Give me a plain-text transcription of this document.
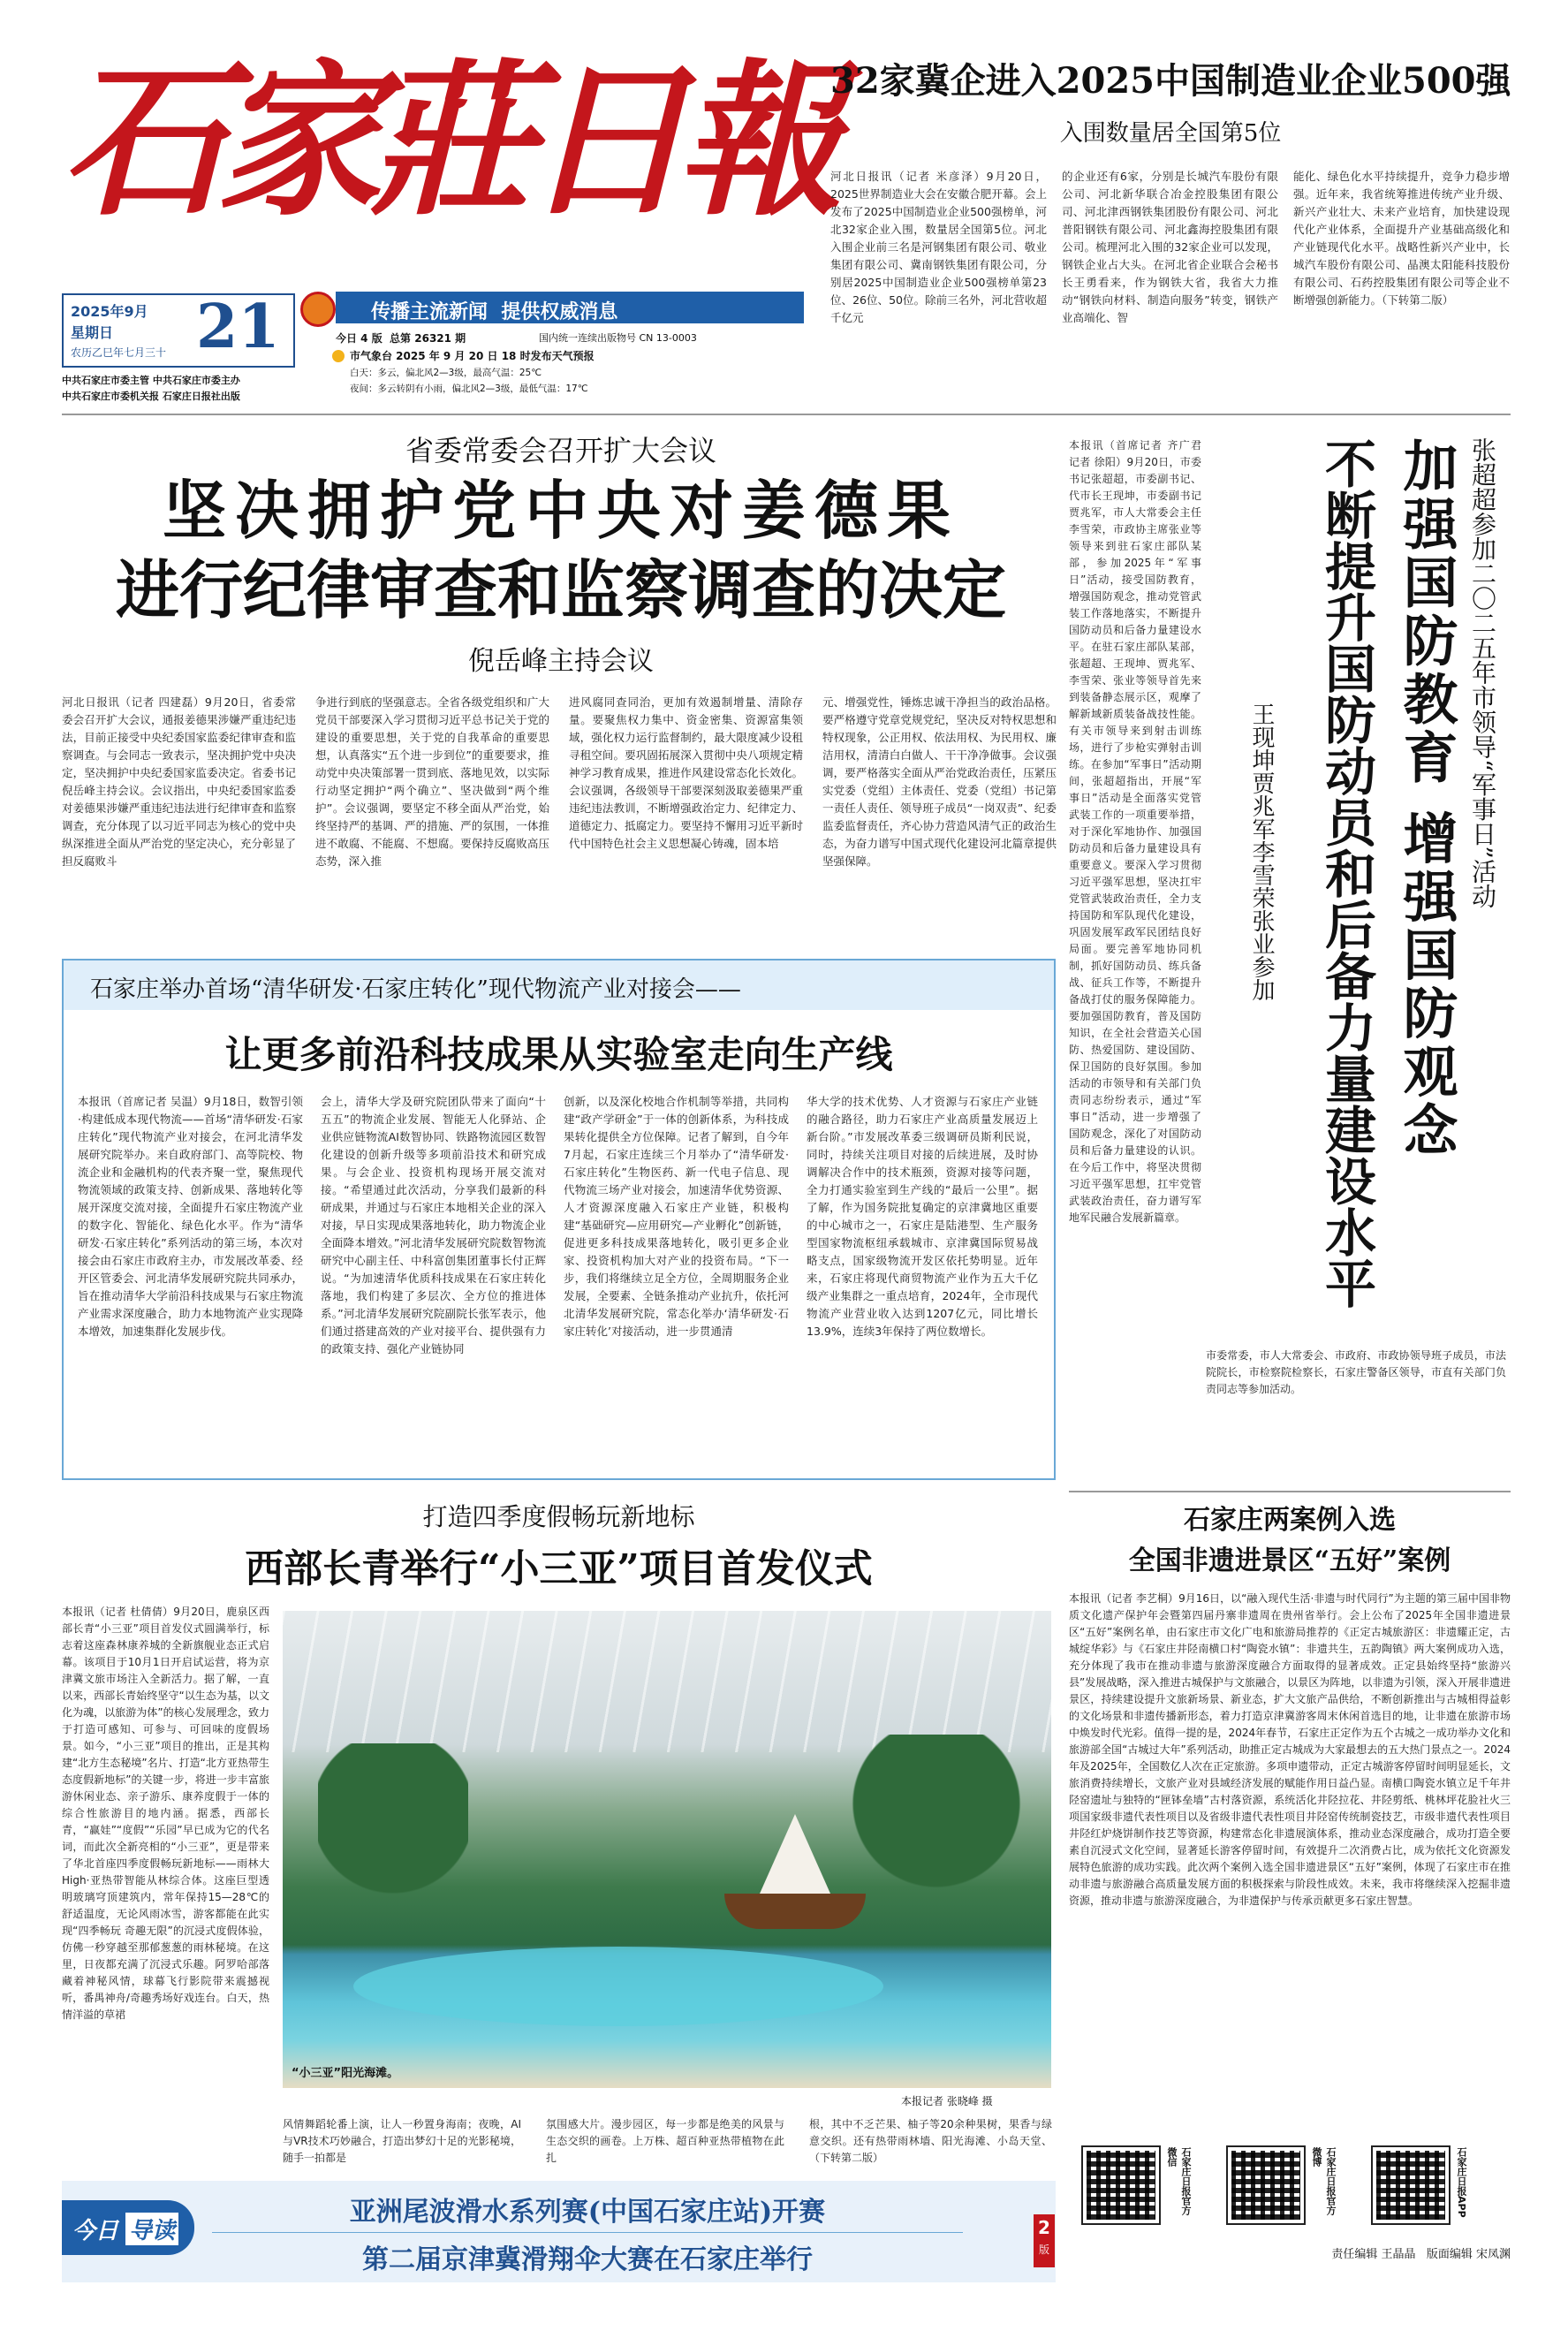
石家莊日報
2025年9月
星期日
农历乙巳年七月三十 21	传播主流新闻  提供权威消息
今日 4 版  总第 26321 期	国内统一连续出版物号 CN 13-0003
市气象台 2025 年 9 月 20 日 18 时发布天气预报
白天：多云，偏北风2—3级，最高气温：25℃
夜间：多云转阴有小雨，偏北风2—3级，最低气温：17℃
中共石家庄市委主管 中共石家庄市委主办
中共石家庄市委机关报 石家庄日报社出版
32家冀企进入2025中国制造业企业500强
入围数量居全国第5位

河北日报讯（记者 米彦泽）9月20日，2025世界制造业大会在安徽合肥开幕。会上发布了2025中国制造业企业500强榜单，河北32家企业入围，数量居全国第5位。河北入围企业前三名是河钢集团有限公司、敬业集团有限公司、冀南钢铁集团有限公司，分别居2025中国制造业企业500强榜单第23位、26位、50位。除前三名外，河北营收超千亿元

的企业还有6家，分别是长城汽车股份有限公司、河北新华联合冶金控股集团有限公司、河北津西钢铁集团股份有限公司、河北普阳钢铁有限公司、河北鑫海控股集团有限公司。梳理河北入围的32家企业可以发现，钢铁企业占大头。在河北省企业联合会秘书长王勇看来，作为钢铁大省，我省大力推动“钢铁向材料、制造向服务”转变，钢铁产业高端化、智

能化、绿色化水平持续提升，竞争力稳步增强。近年来，我省统筹推进传统产业升级、新兴产业壮大、未来产业培育，加快建设现代化产业体系，全面提升产业基础高级化和产业链现代化水平。战略性新兴产业中，长城汽车股份有限公司、晶澳太阳能科技股份有限公司、石药控股集团有限公司等企业不断增强创新能力。（下转第二版）

省委常委会召开扩大会议
坚决拥护党中央对姜德果
进行纪律审查和监察调查的决定
倪岳峰主持会议

河北日报讯（记者 四建磊）9月20日，省委常委会召开扩大会议，通报姜德果涉嫌严重违纪违法，目前正接受中央纪委国家监委纪律审查和监察调查。与会同志一致表示，坚决拥护党中央决定，坚决拥护中央纪委国家监委决定。省委书记倪岳峰主持会议。会议指出，中央纪委国家监委对姜德果涉嫌严重违纪违法进行纪律审查和监察调查，充分体现了以习近平同志为核心的党中央纵深推进全面从严治党的坚定决心，充分彰显了担反腐败斗

争进行到底的坚强意志。全省各级党组织和广大党员干部要深入学习贯彻习近平总书记关于党的建设的重要思想，关于党的自我革命的重要思想，认真落实“五个进一步到位”的重要要求，推动党中央决策部署一贯到底、落地见效，以实际行动坚定拥护“两个确立”、坚决做到“两个维护”。会议强调，要坚定不移全面从严治党，始终坚持严的基调、严的措施、严的氛围，一体推进不敢腐、不能腐、不想腐。要保持反腐败高压态势，深入推

进风腐同查同治，更加有效遏制增量、清除存量。要聚焦权力集中、资金密集、资源富集领域，强化权力运行监督制约，最大限度减少设租寻租空间。要巩固拓展深入贯彻中央八项规定精神学习教育成果，推进作风建设常态化长效化。会议强调，各级领导干部要深刻汲取姜德果严重违纪违法教训，不断增强政治定力、纪律定力、道德定力、抵腐定力。要坚持不懈用习近平新时代中国特色社会主义思想凝心铸魂，固本培

元、增强党性，锤炼忠诚干净担当的政治品格。要严格遵守党章党规党纪，坚决反对特权思想和特权现象，公正用权、依法用权、为民用权、廉洁用权，清清白白做人、干干净净做事。会议强调，要严格落实全面从严治党政治责任，压紧压实党委（党组）主体责任、党委（党组）书记第一责任人责任、领导班子成员“一岗双责”、纪委监委监督责任，齐心协力营造风清气正的政治生态，为奋力谱写中国式现代化建设河北篇章提供坚强保障。

石家庄举办首场“清华研发·石家庄转化”现代物流产业对接会——
让更多前沿科技成果从实验室走向生产线

本报讯（首席记者 吴温）9月18日，数智引领·构建低成本现代物流——首场“清华研发·石家庄转化”现代物流产业对接会，在河北清华发展研究院举办。来自政府部门、高等院校、物流企业和金融机构的代表齐聚一堂，聚焦现代物流领域的政策支持、创新成果、落地转化等展开深度交流对接，全面提升石家庄物流产业的数字化、智能化、绿色化水平。作为“清华研发·石家庄转化”系列活动的第三场，本次对接会由石家庄市政府主办，市发展改革委、经开区管委会、河北清华发展研究院共同承办，旨在推动清华大学前沿科技成果与石家庄物流产业需求深度融合，助力本地物流产业实现降本增效，加速集群化发展步伐。

会上，清华大学及研究院团队带来了面向“十五五”的物流企业发展、智能无人化驿站、企业供应链物流AI数智协同、铁路物流园区数智化建设的创新升级等多项前沿技术和研究成果。与会企业、投资机构现场开展交流对接。“希望通过此次活动，分享我们最新的科研成果，并通过与石家庄本地相关企业的深入对接，早日实现成果落地转化，助力物流企业全面降本增效。”河北清华发展研究院数智物流研究中心副主任、中科富创集团董事长付正辉说。“为加速清华优质科技成果在石家庄转化落地，我们构建了多层次、全方位的推进体系。”河北清华发展研究院副院长张军表示，他们通过搭建高效的产业对接平台、提供强有力的政策支持、强化产业链协同

创新，以及深化校地合作机制等举措，共同构建“政产学研金”于一体的创新体系，为科技成果转化提供全方位保障。记者了解到，自今年7月起，石家庄连续三个月举办了“清华研发·石家庄转化”生物医药、新一代电子信息、现代物流三场产业对接会，加速清华优势资源、人才资源深度融入石家庄产业链，积极构建“基础研究—应用研究—产业孵化”创新链，促进更多科技成果落地转化，吸引更多企业家、投资机构加大对产业的投资布局。“下一步，我们将继续立足全方位，全周期服务企业发展，全要素、全链条推动产业抗升，依托河北清华发展研究院，常态化举办‘清华研发·石家庄转化’对接活动，进一步贯通清

华大学的技术优势、人才资源与石家庄产业链的融合路径，助力石家庄产业高质量发展迈上新台阶。”市发展改革委三级调研员斯利民说，同时，持续关注项目对接的后续进展，及时协调解决合作中的技术瓶颈，资源对接等问题，全力打通实验室到生产线的“最后一公里”。据了解，作为国务院批复确定的京津冀地区重要的中心城市之一，石家庄是陆港型、生产服务型国家物流枢纽承载城市、京津冀国际贸易战略支点，国家级物流开发区依托势明显。近年来，石家庄将现代商贸物流产业作为五大千亿级产业集群之一重点培育，2024年，全市现代物流产业营业收入达到1207亿元，同比增长13.9%，连续3年保持了两位数增长。

本报讯（首席记者 齐广君 记者 徐阳）9月20日，市委书记张超超，市委副书记、代市长王现坤，市委副书记贾兆军，市人大常委会主任李雪荣，市政协主席张业等领导来到驻石家庄部队某部，参加2025年“军事日”活动，接受国防教育，增强国防观念，推动党管武装工作落地落实，不断提升国防动员和后备力量建设水平。在驻石家庄部队某部，张超超、王现坤、贾兆军、李雪荣、张业等领导首先来到装备静态展示区，观摩了解新域新质装备战技性能。有关市领导来到射击训练场，进行了步枪实弹射击训练。在参加“军事日”活动期间，张超超指出，开展“军事日”活动是全面落实党管武装工作的一项重要举措，对于深化军地协作、加强国防动员和后备力量建设具有重要意义。要深入学习贯彻习近平强军思想，坚决扛牢党管武装政治责任，全力支持国防和军队现代化建设，巩固发展军政军民团结良好局面。要完善军地协同机制，抓好国防动员、练兵备战、征兵工作等，不断提升备战打仗的服务保障能力。要加强国防教育，普及国防知识，在全社会营造关心国防、热爱国防、建设国防、保卫国防的良好氛围。参加活动的市领导和有关部门负责同志纷纷表示，通过“军事日”活动，进一步增强了国防观念，深化了对国防动员和后备力量建设的认识。在今后工作中，将坚决贯彻习近平强军思想，扛牢党管武装政治责任，奋力谱写军地军民融合发展新篇章。

张超超参加二〇二五年市领导“军事日”活动
加强国防教育 增强国防观念
不断提升国防动员和后备力量建设水平
王现坤贾兆军李雪荣张业参加

市委常委，市人大常委会、市政府、市政协领导班子成员，市法院院长，市检察院检察长，石家庄警备区领导，市直有关部门负责同志等参加活动。

打造四季度假畅玩新地标
西部长青举行“小三亚”项目首发仪式

本报讯（记者 杜倩倩）9月20日，鹿泉区西部长青“小三亚”项目首发仪式圆满举行，标志着这座森林康养城的全新旗舰业态正式启幕。该项目于10月1日开启试运营，将为京津冀文旅市场注入全新活力。据了解，一直以来，西部长青始终坚守“以生态为基，以文化为魂，以旅游为体”的核心发展理念，致力于打造可感知、可参与、可回味的度假场景。如今，“小三亚”项目的推出，正是其构建“北方生态秘境”名片、打造“北方亚热带生态度假新地标”的关键一步，将进一步丰富旅游休闲业态、亲子游乐、康养度假于一体的综合性旅游目的地内涵。据悉，西部长青，“赢娃”“度假”“乐园”早已成为它的代名词，而此次全新亮相的“小三亚”，更是带来了华北首座四季度假畅玩新地标——雨林大High·亚热带智能从林综合体。这座巨型透明玻璃穹顶建筑内，常年保持15—28℃的舒适温度，无论风雨冰雪，游客都能在此实现“四季畅玩 奇趣无限”的沉浸式度假体验，仿佛一秒穿越至那郁葱葱的雨林秘境。在这里，日夜都充满了沉浸式乐趣。阿罗哈部落藏着神秘风情，球幕飞行影院带来震撼视听，番禺神舟/奇趣秀场好戏连台。白天，热情洋溢的草裙

“小三亚”阳光海滩。
本报记者 张晓峰 摄

风情舞蹈轮番上演，让人一秒置身海南；夜晚，AI与VR技术巧妙融合，打造出梦幻十足的光影秘境，随手一拍都是

氛围感大片。漫步园区，每一步都是绝美的风景与生态交织的画卷。上万株、超百种亚热带植物在此扎

根，其中不乏芒果、柚子等20余种果树，果香与绿意交织。还有热带雨林墙、阳光海滩、小岛天堂、（下转第二版）

石家庄两案例入选
全国非遗进景区“五好”案例

本报讯（记者 李艺桐）9月16日，以“融入现代生活·非遗与时代同行”为主题的第三届中国非物质文化遗产保护年会暨第四届丹寨非遗周在贵州省举行。会上公布了2025年全国非遗进景区“五好”案例名单，由石家庄市文化广电和旅游局推荐的《正定古城旅游区：非遗耀正定，古城绽华彩》与《石家庄井陉南横口村“陶瓷水镇”：非遗共生，五韵陶镇》两大案例成功入选，充分体现了我市在推动非遗与旅游深度融合方面取得的显著成效。正定县始终坚持“旅游兴县”发展战略，深入推进古城保护与文旅融合，以景区为阵地，以非遗为引领，深入开展非遗进景区，持续建设提升文旅新场景、新业态，扩大文旅产品供给，不断创新推出与古城相得益彰的文化场景和非遗传播新形态，着力打造京津冀游客周末休闲首选目的地，让非遗在旅游市场中焕发时代光彩。值得一提的是，2024年春节，石家庄正定作为五个古城之一成功举办文化和旅游部全国“古城过大年”系列活动，助推正定古城成为大家最想去的五大热门景点之一。2024年及2025年，全国数亿人次在正定旅游。多项申遗带动，正定古城游客停留时间明显延长，文旅消费持续增长，文旅产业对县域经济发展的赋能作用日益凸显。南横口陶瓷水镇立足千年井陉窑遗址与独特的“匣钵垒墙”古村落资源，系统活化井陉拉花、井陉剪纸、桃林坪花脸社火三项国家级非遗代表性项目以及省级非遗代表性项目井陉窑传统制瓷技艺，市级非遗代表性项目井陉红炉烧饼制作技艺等资源，构建常态化非遗展演体系，推动业态深度融合，成功打造全要素自沉浸式文化空间，显著延长游客停留时间，有效提升二次消费占比，成为依托文化资源发展特色旅游的成功实践。此次两个案例入选全国非遗进景区“五好”案例，体现了石家庄市在推动非遗与旅游融合高质量发展方面的积极探索与阶段性成效。未来，我市将继续深入挖掘非遗资源，推动非遗与旅游深度融合，为非遗保护与传承贡献更多石家庄智慧。

石家庄日报官方微信	石家庄日报官方微博	石家庄日报APP
责任编辑 王晶晶   版面编辑 宋凤渊
今日 导读
亚洲尾波滑水系列赛(中国石家庄站)开赛
第二届京津冀滑翔伞大赛在石家庄举行
2
版
